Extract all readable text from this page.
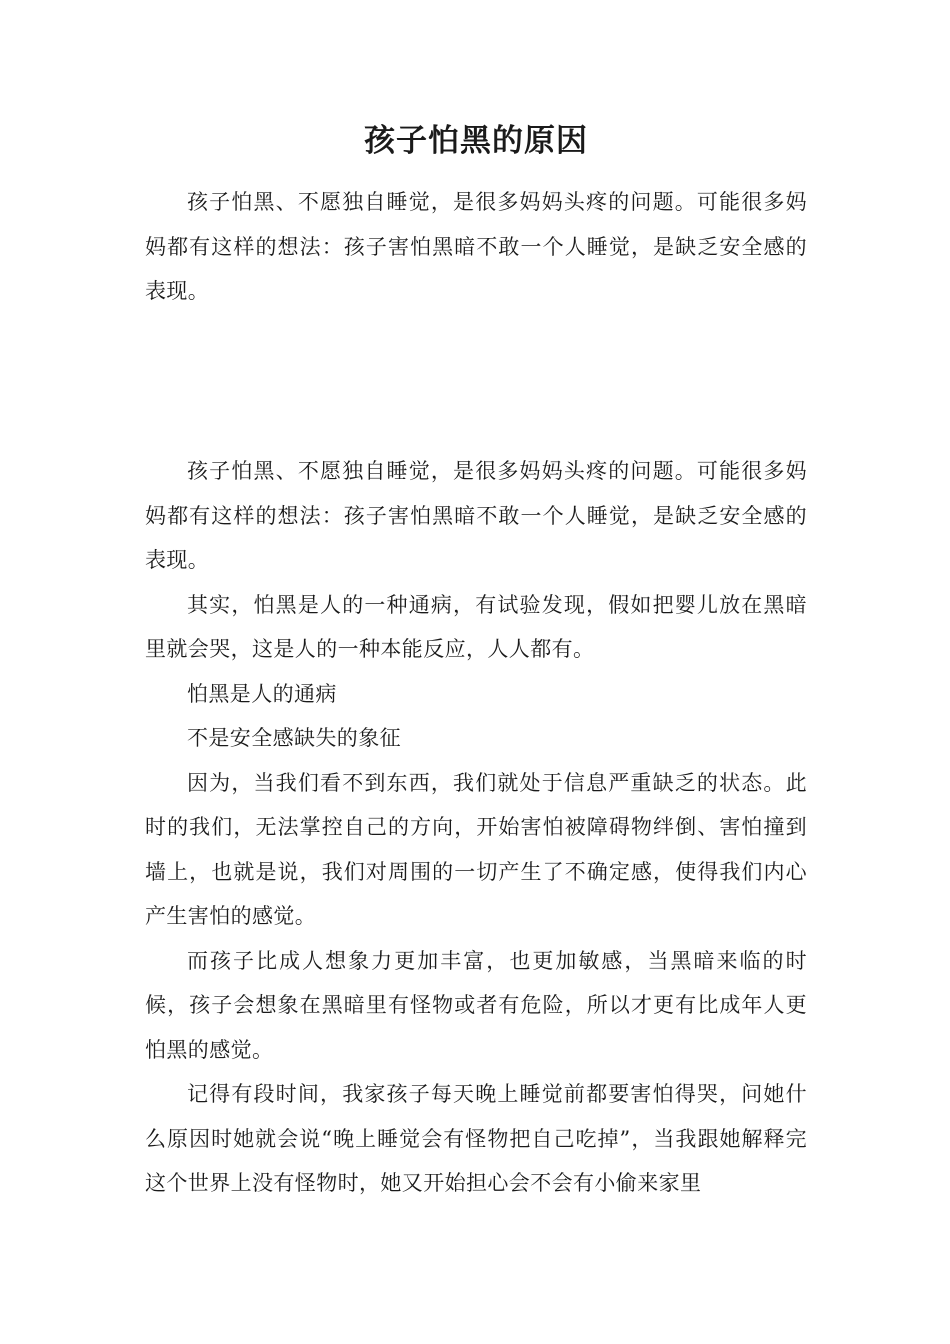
孩子怕黑的原因

孩子怕黑、不愿独自睡觉，是很多妈妈头疼的问题。可能很多妈妈都有这样的想法：孩子害怕黑暗不敢一个人睡觉，是缺乏安全感的表现。

孩子怕黑、不愿独自睡觉，是很多妈妈头疼的问题。可能很多妈妈都有这样的想法：孩子害怕黑暗不敢一个人睡觉，是缺乏安全感的表现。

其实，怕黑是人的一种通病，有试验发现，假如把婴儿放在黑暗里就会哭，这是人的一种本能反应，人人都有。

怕黑是人的通病

不是安全感缺失的象征

因为，当我们看不到东西，我们就处于信息严重缺乏的状态。此时的我们，无法掌控自己的方向，开始害怕被障碍物绊倒、害怕撞到墙上，也就是说，我们对周围的一切产生了不确定感，使得我们内心产生害怕的感觉。

而孩子比成人想象力更加丰富，也更加敏感，当黑暗来临的时候，孩子会想象在黑暗里有怪物或者有危险，所以才更有比成年人更怕黑的感觉。

记得有段时间，我家孩子每天晚上睡觉前都要害怕得哭，问她什么原因时她就会说“晚上睡觉会有怪物把自己吃掉”，当我跟她解释完这个世界上没有怪物时，她又开始担心会不会有小偷来家里
